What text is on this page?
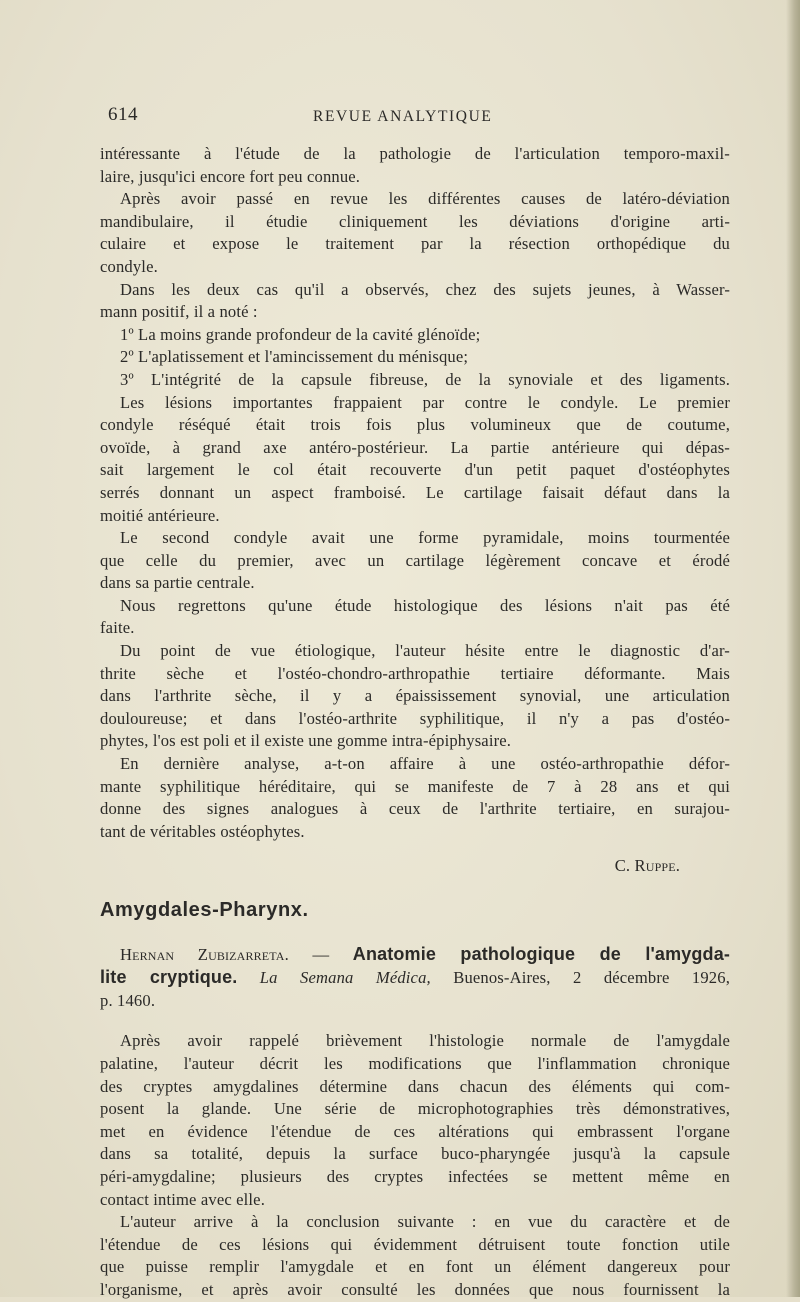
614	REVUE ANALYTIQUE
intéressante à l'étude de la pathologie de l'articulation temporo-maxil-
laire, jusqu'ici encore fort peu connue.
Après avoir passé en revue les différentes causes de latéro-déviation
mandibulaire, il étudie cliniquement les déviations d'origine arti-
culaire et expose le traitement par la résection orthopédique du
condyle.
Dans les deux cas qu'il a observés, chez des sujets jeunes, à Wasser-
mann positif, il a noté :
1º La moins grande profondeur de la cavité glénoïde;
2º L'aplatissement et l'amincissement du ménisque;
3º L'intégrité de la capsule fibreuse, de la synoviale et des ligaments.
Les lésions importantes frappaient par contre le condyle. Le premier
condyle réséqué était trois fois plus volumineux que de coutume,
ovoïde, à grand axe antéro-postérieur. La partie antérieure qui dépas-
sait largement le col était recouverte d'un petit paquet d'ostéophytes
serrés donnant un aspect framboisé. Le cartilage faisait défaut dans la
moitié antérieure.
Le second condyle avait une forme pyramidale, moins tourmentée
que celle du premier, avec un cartilage légèrement concave et érodé
dans sa partie centrale.
Nous regrettons qu'une étude histologique des lésions n'ait pas été
faite.
Du point de vue étiologique, l'auteur hésite entre le diagnostic d'ar-
thrite sèche et l'ostéo-chondro-arthropathie tertiaire déformante. Mais
dans l'arthrite sèche, il y a épaississement synovial, une articulation
douloureuse; et dans l'ostéo-arthrite syphilitique, il n'y a pas d'ostéo-
phytes, l'os est poli et il existe une gomme intra-épiphysaire.
En dernière analyse, a-t-on affaire à une ostéo-arthropathie défor-
mante syphilitique héréditaire, qui se manifeste de 7 à 28 ans et qui
donne des signes analogues à ceux de l'arthrite tertiaire, en surajou-
tant de véritables ostéophytes.
C. Ruppe.
Amygdales-Pharynx.
Hernan Zubizarreta. — Anatomie pathologique de l'amygda-
lite cryptique. La Semana Médica, Buenos-Aires, 2 décembre 1926,
p. 1460.
Après avoir rappelé brièvement l'histologie normale de l'amygdale
palatine, l'auteur décrit les modifications que l'inflammation chronique
des cryptes amygdalines détermine dans chacun des éléments qui com-
posent la glande. Une série de microphotographies très démonstratives,
met en évidence l'étendue de ces altérations qui embrassent l'organe
dans sa totalité, depuis la surface buco-pharyngée jusqu'à la capsule
péri-amygdaline; plusieurs des cryptes infectées se mettent même en
contact intime avec elle.
L'auteur arrive à la conclusion suivante : en vue du caractère et de
l'étendue de ces lésions qui évidemment détruisent toute fonction utile
que puisse remplir l'amygdale et en font un élément dangereux pour
l'organisme, et après avoir consulté les données que nous fournissent la
